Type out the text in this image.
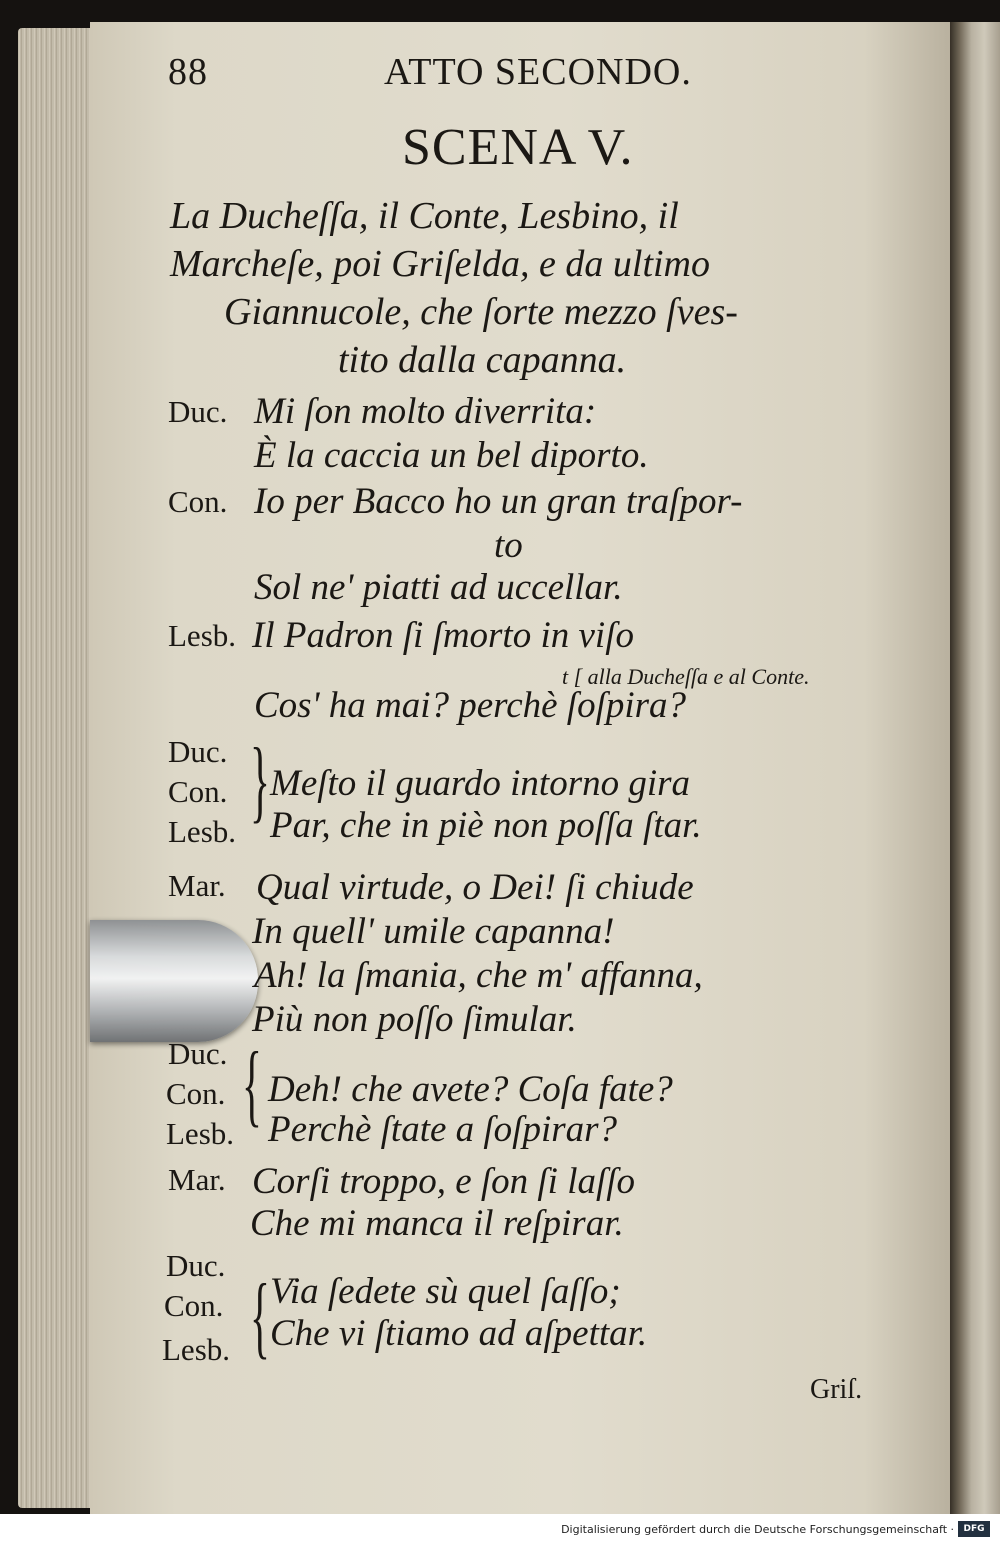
88	ATTO SECONDO.
SCENA V.
La Ducheſſa, il Conte, Lesbino, il
Marcheſe, poi Griſelda, e da ultimo
Giannucole, che ſorte mezzo ſves-
tito dalla capanna.
Duc. Mi ſon molto diverrita:
È la caccia un bel diporto.
Con. Io per Bacco ho un gran traſpor-
to
Sol ne' piatti ad uccellar.
Lesb. Il Padron ſi ſmorto in viſo
t [ alla Ducheſſa e al Conte.
Cos' ha mai? perchè ſoſpira?
Duc.
Con.
Lesb.
} Meſto il guardo intorno gira
Par, che in piè non poſſa ſtar.
Mar. Qual virtude, o Dei! ſi chiude
In quell' umile capanna!
Ah! la ſmania, che m' affanna,
Più non poſſo ſimular.
Duc.
Con.
Lesb. { Deh! che avete? Coſa fate?
Perchè ſtate a ſoſpirar?
Mar. Corſi troppo, e ſon ſi laſſo
Che mi manca il reſpirar.
Duc.
Con.
Lesb. { Via ſedete sù quel ſaſſo;
Che vi ſtiamo ad aſpettar.
Griſ.
Digitalisierung gefördert durch die Deutsche Forschungsgemeinschaft ·	DFG
